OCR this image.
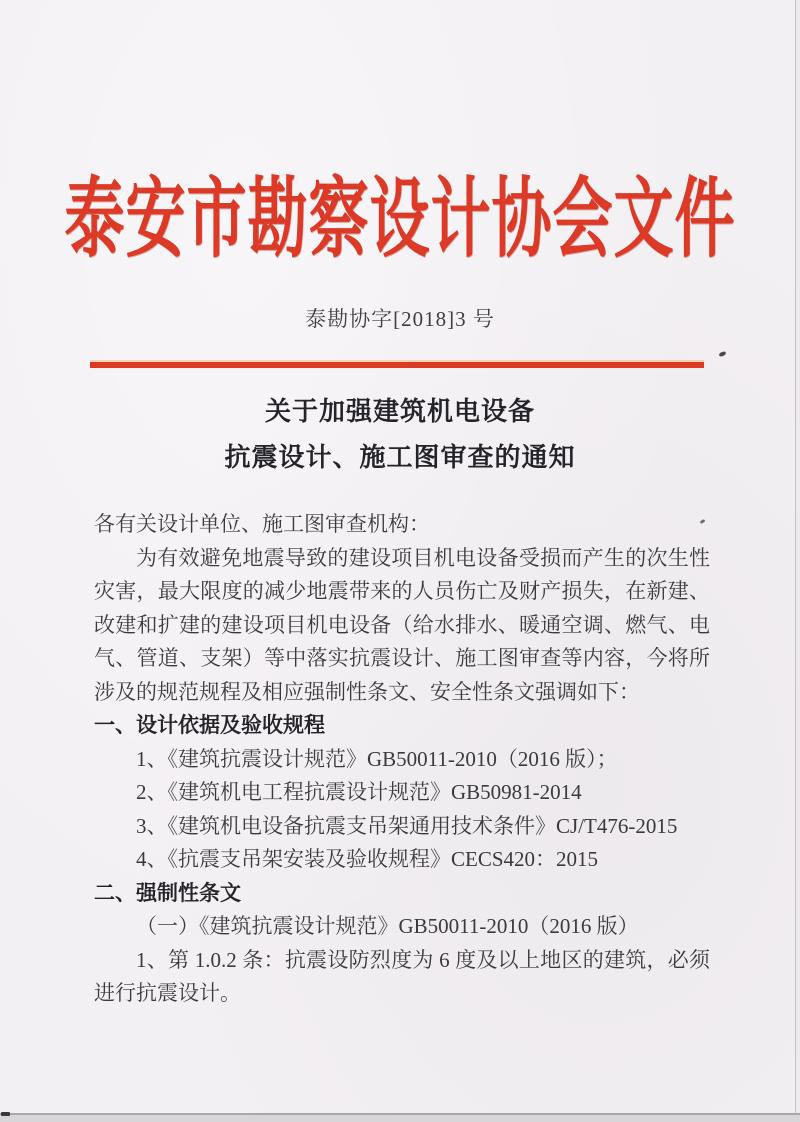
泰安市勘察设计协会文件
泰勘协字[2018]3 号
关于加强建筑机电设备
抗震设计、施工图审查的通知

各有关设计单位、施工图审查机构：

为有效避免地震导致的建设项目机电设备受损而产生的次生性灾害，最大限度的减少地震带来的人员伤亡及财产损失，在新建、改建和扩建的建设项目机电设备（给水排水、暖通空调、燃气、电气、管道、支架）等中落实抗震设计、施工图审查等内容，今将所涉及的规范规程及相应强制性条文、安全性条文强调如下：

一、设计依据及验收规程

1、《建筑抗震设计规范》GB50011-2010（2016 版）；

2、《建筑机电工程抗震设计规范》GB50981-2014

3、《建筑机电设备抗震支吊架通用技术条件》CJ/T476-2015

4、《抗震支吊架安装及验收规程》CECS420：2015

二、强制性条文

（一）《建筑抗震设计规范》GB50011-2010（2016 版）

1、第 1.0.2 条：抗震设防烈度为 6 度及以上地区的建筑，必须进行抗震设计。
